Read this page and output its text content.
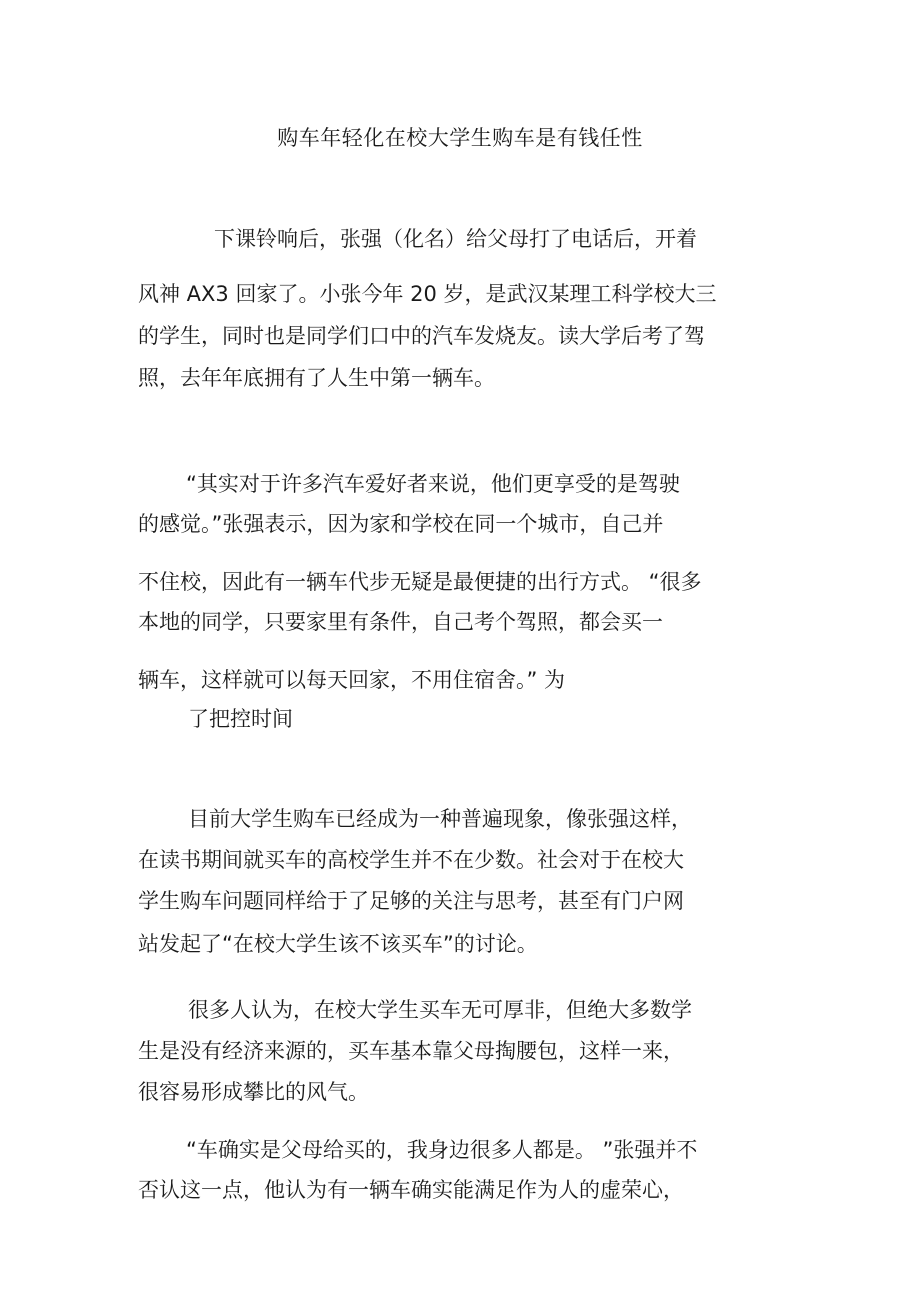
购车年轻化在校大学生购车是有钱任性
下课铃响后，张强（化名）给父母打了电话后，开着
风神 AX3 回家了。小张今年 20 岁，是武汉某理工科学校大三
的学生，同时也是同学们口中的汽车发烧友。读大学后考了驾
照，去年年底拥有了人生中第一辆车。
“其实对于许多汽车爱好者来说，他们更享受的是驾驶
的感觉。”张强表示，因为家和学校在同一个城市，自己并
不住校，因此有一辆车代步无疑是最便捷的出行方式。 “很多
本地的同学，只要家里有条件，自己考个驾照，都会买一
辆车，这样就可以每天回家，不用住宿舍。” 为
了把控时间
目前大学生购车已经成为一种普遍现象，像张强这样，
在读书期间就买车的高校学生并不在少数。社会对于在校大
学生购车问题同样给于了足够的关注与思考，甚至有门户网
站发起了“在校大学生该不该买车”的讨论。
很多人认为，在校大学生买车无可厚非，但绝大多数学
生是没有经济来源的，买车基本靠父母掏腰包，这样一来，
很容易形成攀比的风气。
“车确实是父母给买的，我身边很多人都是。 ”张强并不
否认这一点，他认为有一辆车确实能满足作为人的虚荣心，
